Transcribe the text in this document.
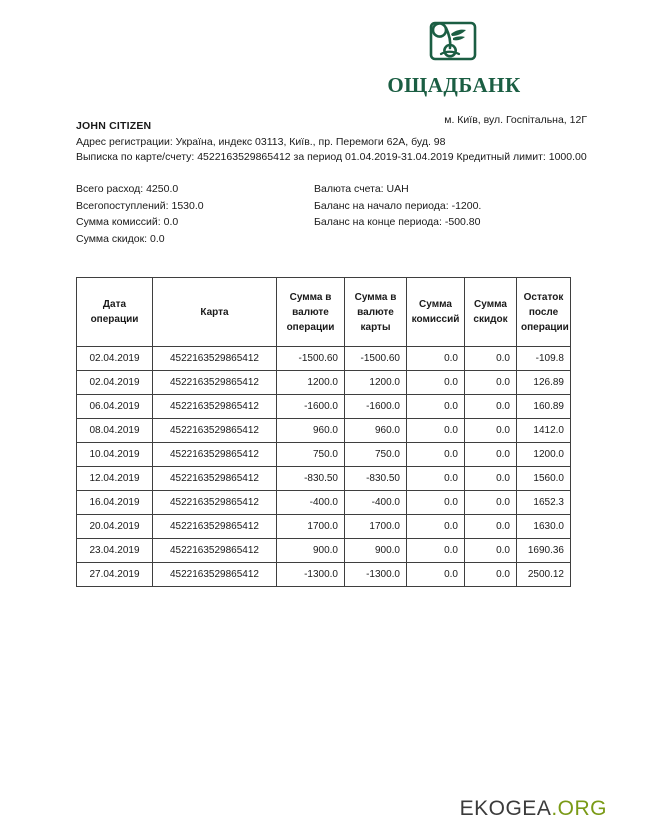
ОЩАДБАНК
м. Київ, вул. Госпітальна, 12Г
JOHN CITIZEN
Адрес регистрации: Україна, индекс 03113, Київ., пр. Перемоги 62А, буд. 98
Выписка по карте/счету: 4522163529865412 за период 01.04.2019-31.04.2019 Кредитный лимит: 1000.00
Всего расход: 4250.0
Всегопоступлений: 1530.0
Сумма комиссий: 0.0
Сумма скидок: 0.0
Валюта счета: UAH
Баланс на начало периода: -1200.
Баланс на конце периода: -500.80
Дата операции	Карта	Сумма в валюте операции	Сумма в валюте карты	Сумма комиссий	Сумма скидок	Остаток после операции
02.04.2019	4522163529865412	-1500.60	-1500.60	0.0	0.0	-109.8
02.04.2019	4522163529865412	1200.0	1200.0	0.0	0.0	126.89
06.04.2019	4522163529865412	-1600.0	-1600.0	0.0	0.0	160.89
08.04.2019	4522163529865412	960.0	960.0	0.0	0.0	1412.0
10.04.2019	4522163529865412	750.0	750.0	0.0	0.0	1200.0
12.04.2019	4522163529865412	-830.50	-830.50	0.0	0.0	1560.0
16.04.2019	4522163529865412	-400.0	-400.0	0.0	0.0	1652.3
20.04.2019	4522163529865412	1700.0	1700.0	0.0	0.0	1630.0
23.04.2019	4522163529865412	900.0	900.0	0.0	0.0	1690.36
27.04.2019	4522163529865412	-1300.0	-1300.0	0.0	0.0	2500.12
EKOGEA.ORG
